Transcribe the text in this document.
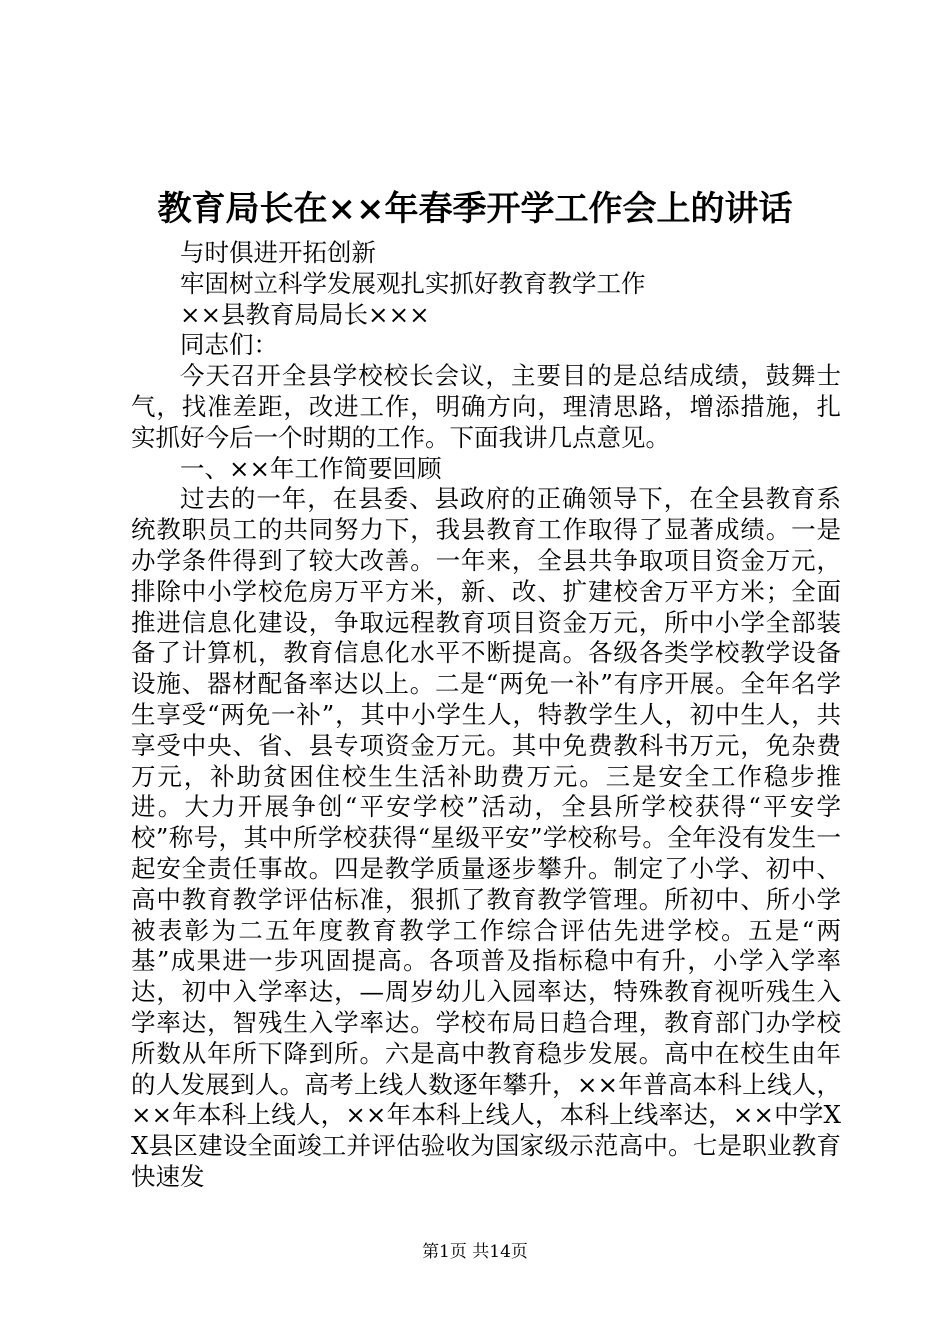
教育局长在××年春季开学工作会上的讲话

与时俱进开拓创新

牢固树立科学发展观扎实抓好教育教学工作

××县教育局局长×××

同志们：

今天召开全县学校校长会议，主要目的是总结成绩，鼓舞士气，找准差距，改进工作，明确方向，理清思路，增添措施，扎实抓好今后一个时期的工作。下面我讲几点意见。

一、××年工作简要回顾

过去的一年，在县委、县政府的正确领导下，在全县教育系统教职员工的共同努力下，我县教育工作取得了显著成绩。一是办学条件得到了较大改善。一年来，全县共争取项目资金万元，排除中小学校危房万平方米，新、改、扩建校舍万平方米；全面推进信息化建设，争取远程教育项目资金万元，所中小学全部装备了计算机，教育信息化水平不断提高。各级各类学校教学设备设施、器材配备率达以上。二是“两免一补”有序开展。全年名学生享受“两免一补”，其中小学生人，特教学生人，初中生人，共享受中央、省、县专项资金万元。其中免费教科书万元，免杂费万元，补助贫困住校生生活补助费万元。三是安全工作稳步推进。大力开展争创“平安学校”活动，全县所学校获得“平安学校”称号，其中所学校获得“星级平安”学校称号。全年没有发生一起安全责任事故。四是教学质量逐步攀升。制定了小学、初中、高中教育教学评估标准，狠抓了教育教学管理。所初中、所小学被表彰为二五年度教育教学工作综合评估先进学校。五是“两基”成果进一步巩固提高。各项普及指标稳中有升，小学入学率达，初中入学率达，—周岁幼儿入园率达，特殊教育视听残生入学率达，智残生入学率达。学校布局日趋合理，教育部门办学校所数从年所下降到所。六是高中教育稳步发展。高中在校生由年的人发展到人。高考上线人数逐年攀升，××年普高本科上线人，××年本科上线人，××年本科上线人，本科上线率达，××中学XX县区建设全面竣工并评估验收为国家级示范高中。七是职业教育快速发

第1页 共14页
